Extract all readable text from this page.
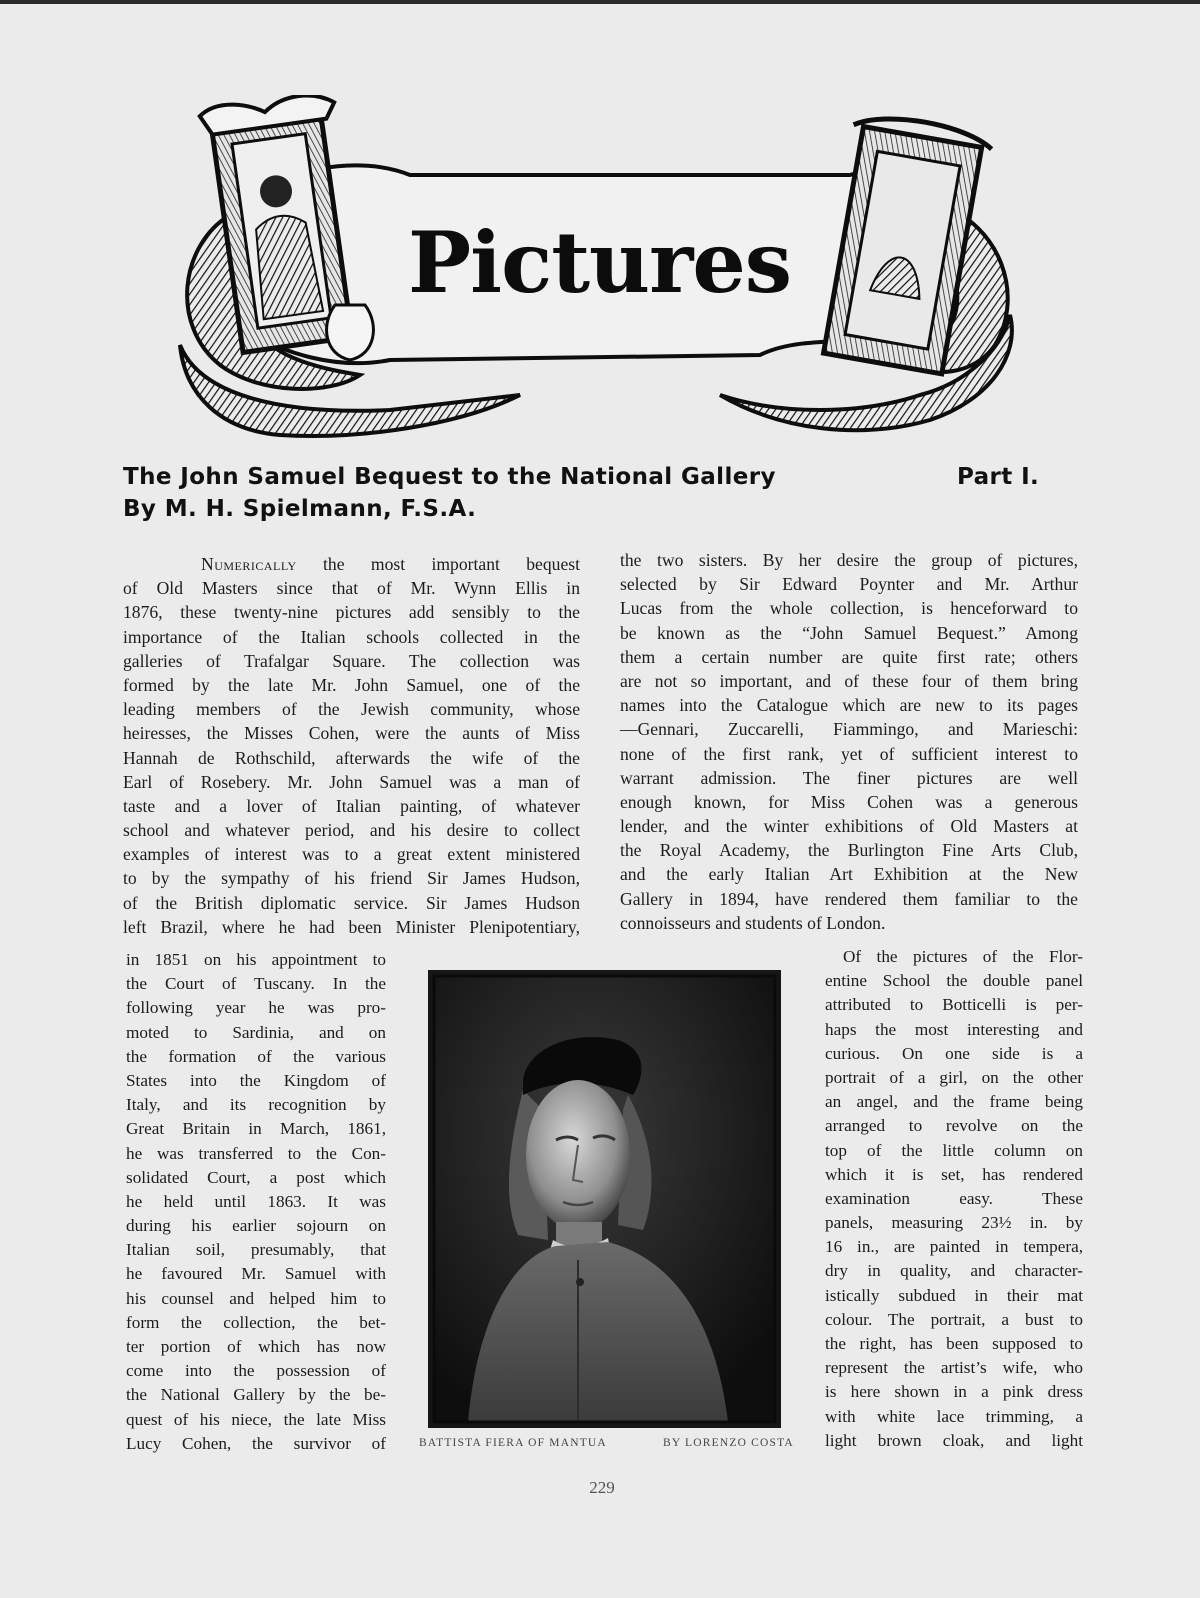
Pictures
The John Samuel Bequest to the National Gallery	Part I.
By M. H. Spielmann, F.S.A.
Numerically the most important bequest
of Old Masters since that of Mr. Wynn Ellis in
1876, these twenty-nine pictures add sensibly to the
importance of the Italian schools collected in the
galleries of Trafalgar Square. The collection was
formed by the late Mr. John Samuel, one of the
leading members of the Jewish community, whose
heiresses, the Misses Cohen, were the aunts of Miss
Hannah de Rothschild, afterwards the wife of the
Earl of Rosebery. Mr. John Samuel was a man of
taste and a lover of Italian painting, of whatever
school and whatever period, and his desire to collect
examples of interest was to a great extent ministered
to by the sympathy of his friend Sir James Hudson,
of the British diplomatic service. Sir James Hudson
left Brazil, where he had been Minister Plenipotentiary,
in 1851 on his appointment to
the Court of Tuscany. In the
following year he was pro-
moted to Sardinia, and on
the formation of the various
States into the Kingdom of
Italy, and its recognition by
Great Britain in March, 1861,
he was transferred to the Con-
solidated Court, a post which
he held until 1863. It was
during his earlier sojourn on
Italian soil, presumably, that
he favoured Mr. Samuel with
his counsel and helped him to
form the collection, the bet-
ter portion of which has now
come into the possession of
the National Gallery by the be-
quest of his niece, the late Miss
Lucy Cohen, the survivor of
the two sisters. By her desire the group of pictures,
selected by Sir Edward Poynter and Mr. Arthur
Lucas from the whole collection, is henceforward to
be known as the “John Samuel Bequest.” Among
them a certain number are quite first rate; others
are not so important, and of these four of them bring
names into the Catalogue which are new to its pages
—Gennari, Zuccarelli, Fiammingo, and Marieschi:
none of the first rank, yet of sufficient interest to
warrant admission. The finer pictures are well
enough known, for Miss Cohen was a generous
lender, and the winter exhibitions of Old Masters at
the Royal Academy, the Burlington Fine Arts Club,
and the early Italian Art Exhibition at the New
Gallery in 1894, have rendered them familiar to the
connoisseurs and students of London.
Of the pictures of the Flor-
entine School the double panel
attributed to Botticelli is per-
haps the most interesting and
curious. On one side is a
portrait of a girl, on the other
an angel, and the frame being
arranged to revolve on the
top of the little column on
which it is set, has rendered
examination easy. These
panels, measuring 23½ in. by
16 in., are painted in tempera,
dry in quality, and character-
istically subdued in their mat
colour. The portrait, a bust to
the right, has been supposed to
represent the artist’s wife, who
is here shown in a pink dress
with white lace trimming, a
light brown cloak, and light
BATTISTA FIERA OF MANTUA	BY LORENZO COSTA
229
